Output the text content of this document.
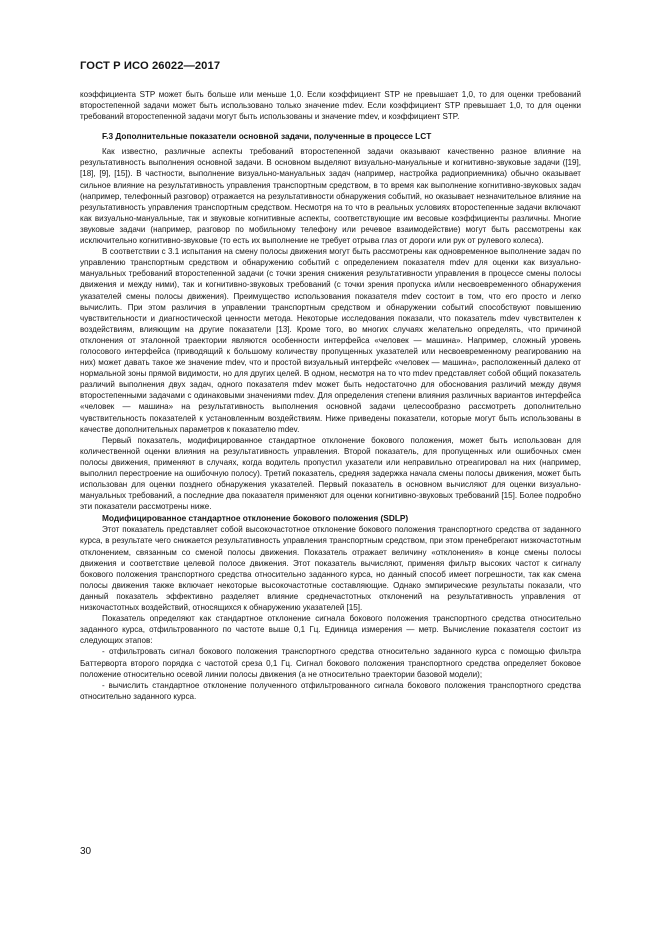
ГОСТ Р ИСО 26022—2017

коэффициента STP может быть больше или меньше 1,0. Если коэффициент STP не превышает 1,0, то для оценки требований второстепенной задачи может быть использовано только значение mdev. Если коэффициент STP превышает 1,0, то для оценки требований второстепенной задачи могут быть использованы и значение mdev, и коэффициент STP.

F.3 Дополнительные показатели основной задачи, полученные в процессе LCT

Как известно, различные аспекты требований второстепенной задачи оказывают качественно разное влияние на результативность выполнения основной задачи. В основном выделяют визуально-мануальные и когнитивно-звуковые задачи ([19], [18], [9], [15]). В частности, выполнение визуально-мануальных задач (например, настройка радиоприемника) обычно оказывает сильное влияние на результативность управления транспортным средством, в то время как выполнение когнитивно-звуковых задач (например, телефонный разговор) отражается на результативности обнаружения событий, но оказывает незначительное влияние на результативность управления транспортным средством. Несмотря на то что в реальных условиях второстепенные задачи включают как визуально-мануальные, так и звуковые когнитивные аспекты, соответствующие им весовые коэффициенты различны. Многие звуковые задачи (например, разговор по мобильному телефону или речевое взаимодействие) могут быть рассмотрены как исключительно когнитивно-звуковые (то есть их выполнение не требует отрыва глаз от дороги или рук от рулевого колеса).

В соответствии с 3.1 испытания на смену полосы движения могут быть рассмотрены как одновременное выполнение задач по управлению транспортным средством и обнаружению событий с определением показателя mdev для оценки как визуально-мануальных требований второстепенной задачи (с точки зрения снижения результативности управления в процессе смены полосы движения и между ними), так и когнитивно-звуковых требований (с точки зрения пропуска и/или несвоевременного обнаружения указателей смены полосы движения). Преимущество использования показателя mdev состоит в том, что его просто и легко вычислить. При этом различия в управлении транспортным средством и обнаружении событий способствуют повышению чувствительности и диагностической ценности метода. Некоторые исследования показали, что показатель mdev чувствителен к воздействиям, влияющим на другие показатели [13]. Кроме того, во многих случаях желательно определять, что причиной отклонения от эталонной траектории являются особенности интерфейса «человек — машина». Например, сложный уровень голосового интерфейса (приводящий к большому количеству пропущенных указателей или несвоевременному реагированию на них) может давать такое же значение mdev, что и простой визуальный интерфейс «человек — машина», расположенный далеко от нормальной зоны прямой видимости, но для других целей. В одном, несмотря на то что mdev представляет собой общий показатель различий выполнения двух задач, одного показателя mdev может быть недостаточно для обоснования различий между двумя второстепенными задачами с одинаковыми значениями mdev. Для определения степени влияния различных вариантов интерфейса «человек — машина» на результативность выполнения основной задачи целесообразно рассмотреть дополнительно чувствительность показателей к установленным воздействиям. Ниже приведены показатели, которые могут быть использованы в качестве дополнительных параметров к показателю mdev.

Первый показатель, модифицированное стандартное отклонение бокового положения, может быть использован для количественной оценки влияния на результативность управления. Второй показатель, для пропущенных или ошибочных смен полосы движения, применяют в случаях, когда водитель пропустил указатели или неправильно отреагировал на них (например, выполнил перестроение на ошибочную полосу). Третий показатель, средняя задержка начала смены полосы движения, может быть использован для оценки позднего обнаружения указателей. Первый показатель в основном вычисляют для оценки визуально-мануальных требований, а последние два показателя применяют для оценки когнитивно-звуковых требований [15]. Более подробно эти показатели рассмотрены ниже.

Модифицированное стандартное отклонение бокового положения (SDLP)

Этот показатель представляет собой высокочастотное отклонение бокового положения транспортного средства от заданного курса, в результате чего снижается результативность управления транспортным средством, при этом пренебрегают низкочастотным отклонением, связанным со сменой полосы движения. Показатель отражает величину «отклонения» в конце смены полосы движения и соответствие целевой полосе движения. Этот показатель вычисляют, применяя фильтр высоких частот к сигналу бокового положения транспортного средства относительно заданного курса, но данный способ имеет погрешности, так как смена полосы движения также включает некоторые высокочастотные составляющие. Однако эмпирические результаты показали, что данный показатель эффективно разделяет влияние среднечастотных отклонений на результативность управления от низкочастотных воздействий, относящихся к обнаружению указателей [15].

Показатель определяют как стандартное отклонение сигнала бокового положения транспортного средства относительно заданного курса, отфильтрованного по частоте выше 0,1 Гц. Единица измерения — метр. Вычисление показателя состоит из следующих этапов:

- отфильтровать сигнал бокового положения транспортного средства относительно заданного курса с помощью фильтра Баттерворта второго порядка с частотой среза 0,1 Гц. Сигнал бокового положения транспортного средства определяет боковое положение относительно осевой линии полосы движения (а не относительно траектории базовой модели);
- вычислить стандартное отклонение полученного отфильтрованного сигнала бокового положения транспортного средства относительно заданного курса.
30
